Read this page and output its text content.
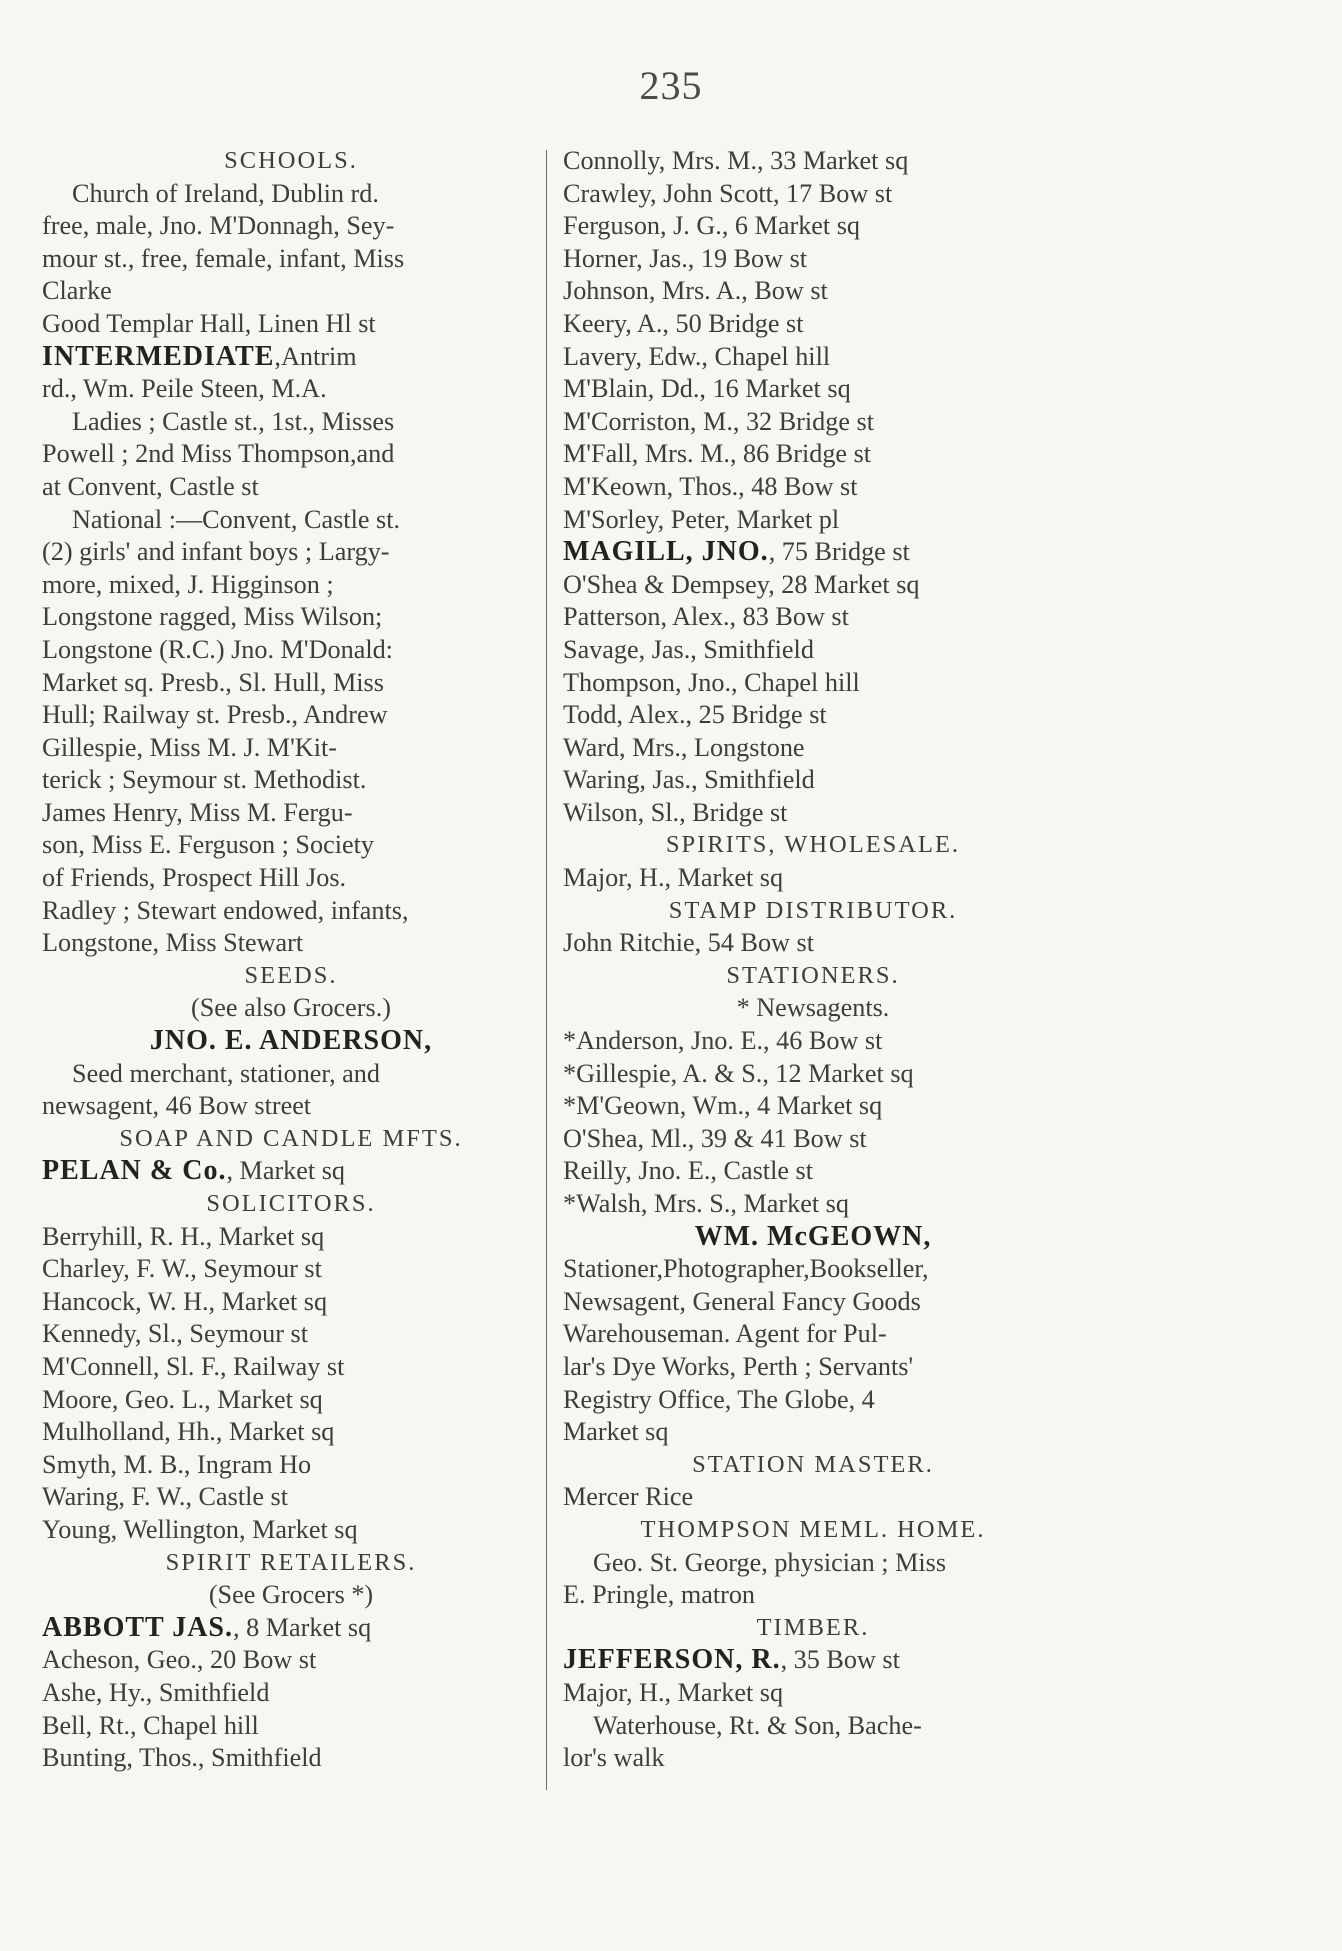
235
SCHOOLS.
Church of Ireland, Dublin rd.
free, male, Jno. M'Donnagh, Sey-
mour st., free, female, infant, Miss
Clarke
Good Templar Hall, Linen Hl st
INTERMEDIATE,Antrim
rd., Wm. Peile Steen, M.A.
Ladies ; Castle st., 1st., Misses
Powell ; 2nd Miss Thompson,and
at Convent, Castle st
National :—Convent, Castle st.
(2) girls' and infant boys ; Largy-
more, mixed, J. Higginson ;
Longstone ragged, Miss Wilson;
Longstone (R.C.) Jno. M'Donald:
Market sq. Presb., Sl. Hull, Miss
Hull; Railway st. Presb., Andrew
Gillespie, Miss M. J. M'Kit-
terick ; Seymour st. Methodist.
James Henry, Miss M. Fergu-
son, Miss E. Ferguson ; Society
of Friends, Prospect Hill Jos.
Radley ; Stewart endowed, infants,
Longstone, Miss Stewart
SEEDS.
(See also Grocers.)
JNO. E. ANDERSON,
Seed merchant, stationer, and
newsagent, 46 Bow street
SOAP AND CANDLE MFTS.
PELAN & Co., Market sq
SOLICITORS.
Berryhill, R. H., Market sq
Charley, F. W., Seymour st
Hancock, W. H., Market sq
Kennedy, Sl., Seymour st
M'Connell, Sl. F., Railway st
Moore, Geo. L., Market sq
Mulholland, Hh., Market sq
Smyth, M. B., Ingram Ho
Waring, F. W., Castle st
Young, Wellington, Market sq
SPIRIT RETAILERS.
(See Grocers *)
ABBOTT JAS., 8 Market sq
Acheson, Geo., 20 Bow st
Ashe, Hy., Smithfield
Bell, Rt., Chapel hill
Bunting, Thos., Smithfield
Connolly, Mrs. M., 33 Market sq
Crawley, John Scott, 17 Bow st
Ferguson, J. G., 6 Market sq
Horner, Jas., 19 Bow st
Johnson, Mrs. A., Bow st
Keery, A., 50 Bridge st
Lavery, Edw., Chapel hill
M'Blain, Dd., 16 Market sq
M'Corriston, M., 32 Bridge st
M'Fall, Mrs. M., 86 Bridge st
M'Keown, Thos., 48 Bow st
M'Sorley, Peter, Market pl
MAGILL, JNO., 75 Bridge st
O'Shea & Dempsey, 28 Market sq
Patterson, Alex., 83 Bow st
Savage, Jas., Smithfield
Thompson, Jno., Chapel hill
Todd, Alex., 25 Bridge st
Ward, Mrs., Longstone
Waring, Jas., Smithfield
Wilson, Sl., Bridge st
SPIRITS, WHOLESALE.
Major, H., Market sq
STAMP DISTRIBUTOR.
John Ritchie, 54 Bow st
STATIONERS.
* Newsagents.
*Anderson, Jno. E., 46 Bow st
*Gillespie, A. & S., 12 Market sq
*M'Geown, Wm., 4 Market sq
O'Shea, Ml., 39 & 41 Bow st
Reilly, Jno. E., Castle st
*Walsh, Mrs. S., Market sq
WM. McGEOWN,
Stationer,Photographer,Bookseller,
Newsagent, General Fancy Goods
Warehouseman. Agent for Pul-
lar's Dye Works, Perth ; Servants'
Registry Office, The Globe, 4
Market sq
STATION MASTER.
Mercer Rice
THOMPSON MEML. HOME.
Geo. St. George, physician ; Miss
E. Pringle, matron
TIMBER.
JEFFERSON, R., 35 Bow st
Major, H., Market sq
Waterhouse, Rt. & Son, Bache-
lor's walk
